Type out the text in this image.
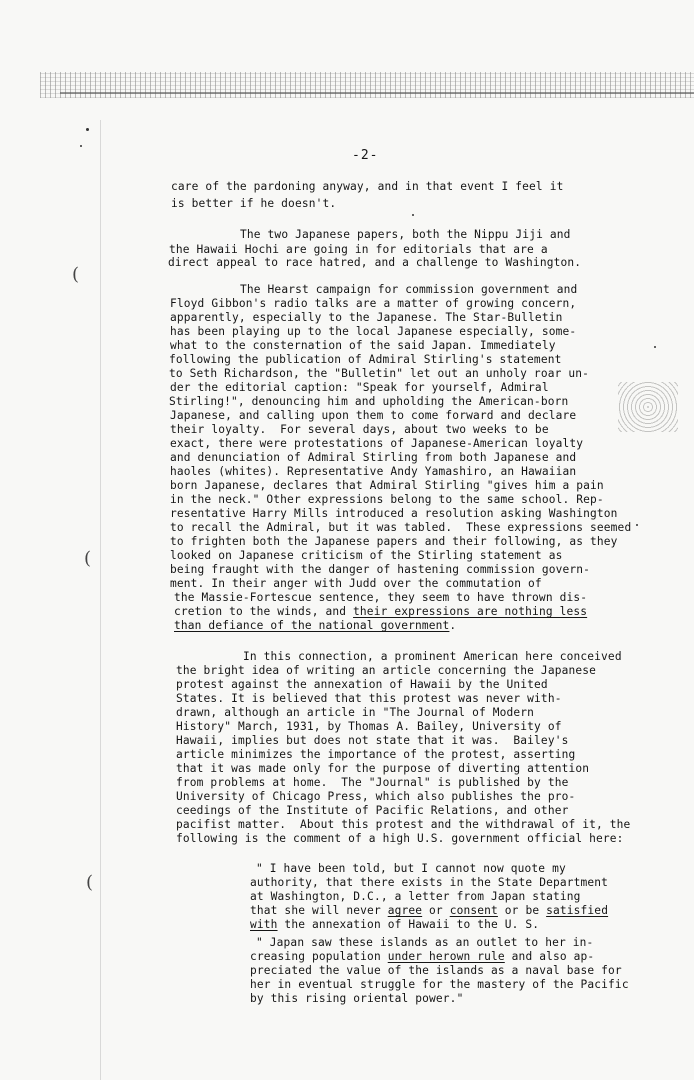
(
(
(
-2-
care of the pardoning anyway, and in that event I feel it
is better if he doesn't.
The two Japanese papers, both the Nippu Jiji and
the Hawaii Hochi are going in for editorials that are a
direct appeal to race hatred, and a challenge to Washington.
The Hearst campaign for commission government and
Floyd Gibbon's radio talks are a matter of growing concern,
apparently, especially to the Japanese. The Star-Bulletin
has been playing up to the local Japanese especially, some-
what to the consternation of the said Japan. Immediately
following the publication of Admiral Stirling's statement
to Seth Richardson, the "Bulletin" let out an unholy roar un-
der the editorial caption: "Speak for yourself, Admiral
Stirling!", denouncing him and upholding the American-born
Japanese, and calling upon them to come forward and declare
their loyalty.  For several days, about two weeks to be
exact, there were protestations of Japanese-American loyalty
and denunciation of Admiral Stirling from both Japanese and
haoles (whites). Representative Andy Yamashiro, an Hawaiian
born Japanese, declares that Admiral Stirling "gives him a pain
in the neck." Other expressions belong to the same school. Rep-
resentative Harry Mills introduced a resolution asking Washington
to recall the Admiral, but it was tabled.  These expressions seemed
to frighten both the Japanese papers and their following, as they
looked on Japanese criticism of the Stirling statement as
being fraught with the danger of hastening commission govern-
ment. In their anger with Judd over the commutation of
the Massie-Fortescue sentence, they seem to have thrown dis-
cretion to the winds, and their expressions are nothing less
than defiance of the national government.
In this connection, a prominent American here conceived
the bright idea of writing an article concerning the Japanese
protest against the annexation of Hawaii by the United
States. It is believed that this protest was never with-
drawn, although an article in "The Journal of Modern
History" March, 1931, by Thomas A. Bailey, University of
Hawaii, implies but does not state that it was.  Bailey's
article minimizes the importance of the protest, asserting
that it was made only for the purpose of diverting attention
from problems at home.  The "Journal" is published by the
University of Chicago Press, which also publishes the pro-
ceedings of the Institute of Pacific Relations, and other
pacifist matter.  About this protest and the withdrawal of it, the
following is the comment of a high U.S. government official here:
" I have been told, but I cannot now quote my
authority, that there exists in the State Department
at Washington, D.C., a letter from Japan stating
that she will never agree or consent or be satisfied
with the annexation of Hawaii to the U. S.
" Japan saw these islands as an outlet to her in-
creasing population under herown rule and also ap-
preciated the value of the islands as a naval base for
her in eventual struggle for the mastery of the Pacific
by this rising oriental power."
